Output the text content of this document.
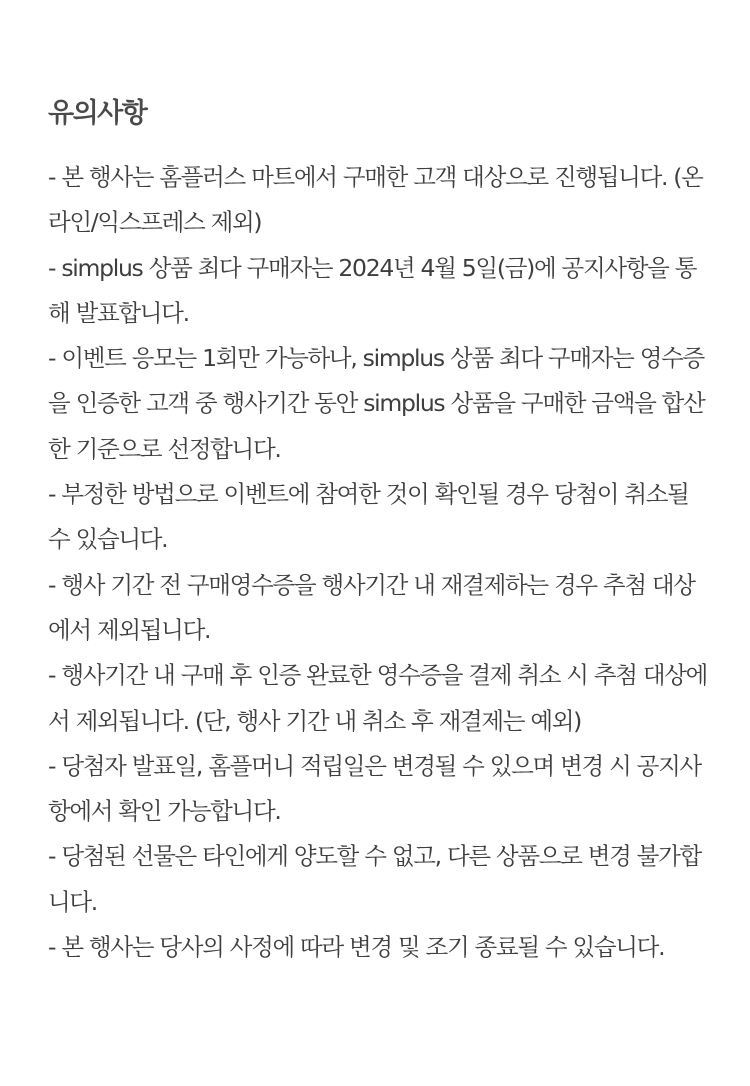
유의사항
- 본 행사는 홈플러스 마트에서 구매한 고객 대상으로 진행됩니다. (온라인/익스프레스 제외)
- simplus 상품 최다 구매자는 2024년 4월 5일(금)에 공지사항을 통해 발표합니다.
- 이벤트 응모는 1회만 가능하나, simplus 상품 최다 구매자는 영수증을 인증한 고객 중 행사기간 동안 simplus 상품을 구매한 금액을 합산한 기준으로 선정합니다.
- 부정한 방법으로 이벤트에 참여한 것이 확인될 경우 당첨이 취소될 수 있습니다.
- 행사 기간 전 구매영수증을 행사기간 내 재결제하는 경우 추첨 대상에서 제외됩니다.
- 행사기간 내 구매 후 인증 완료한 영수증을 결제 취소 시 추첨 대상에서 제외됩니다. (단, 행사 기간 내 취소 후 재결제는 예외)
- 당첨자 발표일, 홈플머니 적립일은 변경될 수 있으며 변경 시 공지사항에서 확인 가능합니다.
- 당첨된 선물은 타인에게 양도할 수 없고, 다른 상품으로 변경 불가합니다.
- 본 행사는 당사의 사정에 따라 변경 및 조기 종료될 수 있습니다.
